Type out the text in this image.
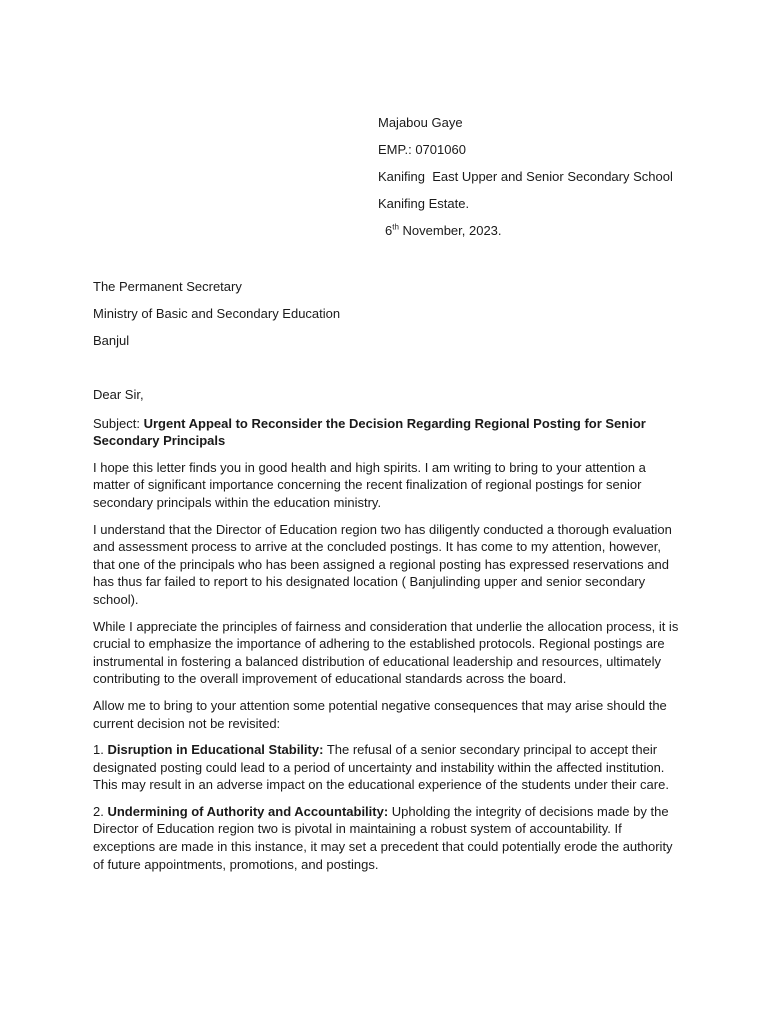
Majabou Gaye
EMP.: 0701060
Kanifing  East Upper and Senior Secondary School
Kanifing Estate.
6th November, 2023.
The Permanent Secretary
Ministry of Basic and Secondary Education
Banjul

Dear Sir,

Subject: Urgent Appeal to Reconsider the Decision Regarding Regional Posting for Senior Secondary Principals

I hope this letter finds you in good health and high spirits. I am writing to bring to your attention a matter of significant importance concerning the recent finalization of regional postings for senior secondary principals within the education ministry.

I understand that the Director of Education region two has diligently conducted a thorough evaluation and assessment process to arrive at the concluded postings. It has come to my attention, however, that one of the principals who has been assigned a regional posting has expressed reservations and has thus far failed to report to his designated location ( Banjulinding upper and senior secondary school).

While I appreciate the principles of fairness and consideration that underlie the allocation process, it is crucial to emphasize the importance of adhering to the established protocols. Regional postings are instrumental in fostering a balanced distribution of educational leadership and resources, ultimately contributing to the overall improvement of educational standards across the board.

Allow me to bring to your attention some potential negative consequences that may arise should the current decision not be revisited:

1. Disruption in Educational Stability: The refusal of a senior secondary principal to accept their designated posting could lead to a period of uncertainty and instability within the affected institution. This may result in an adverse impact on the educational experience of the students under their care.

2. Undermining of Authority and Accountability: Upholding the integrity of decisions made by the Director of Education region two is pivotal in maintaining a robust system of accountability. If exceptions are made in this instance, it may set a precedent that could potentially erode the authority of future appointments, promotions, and postings.
